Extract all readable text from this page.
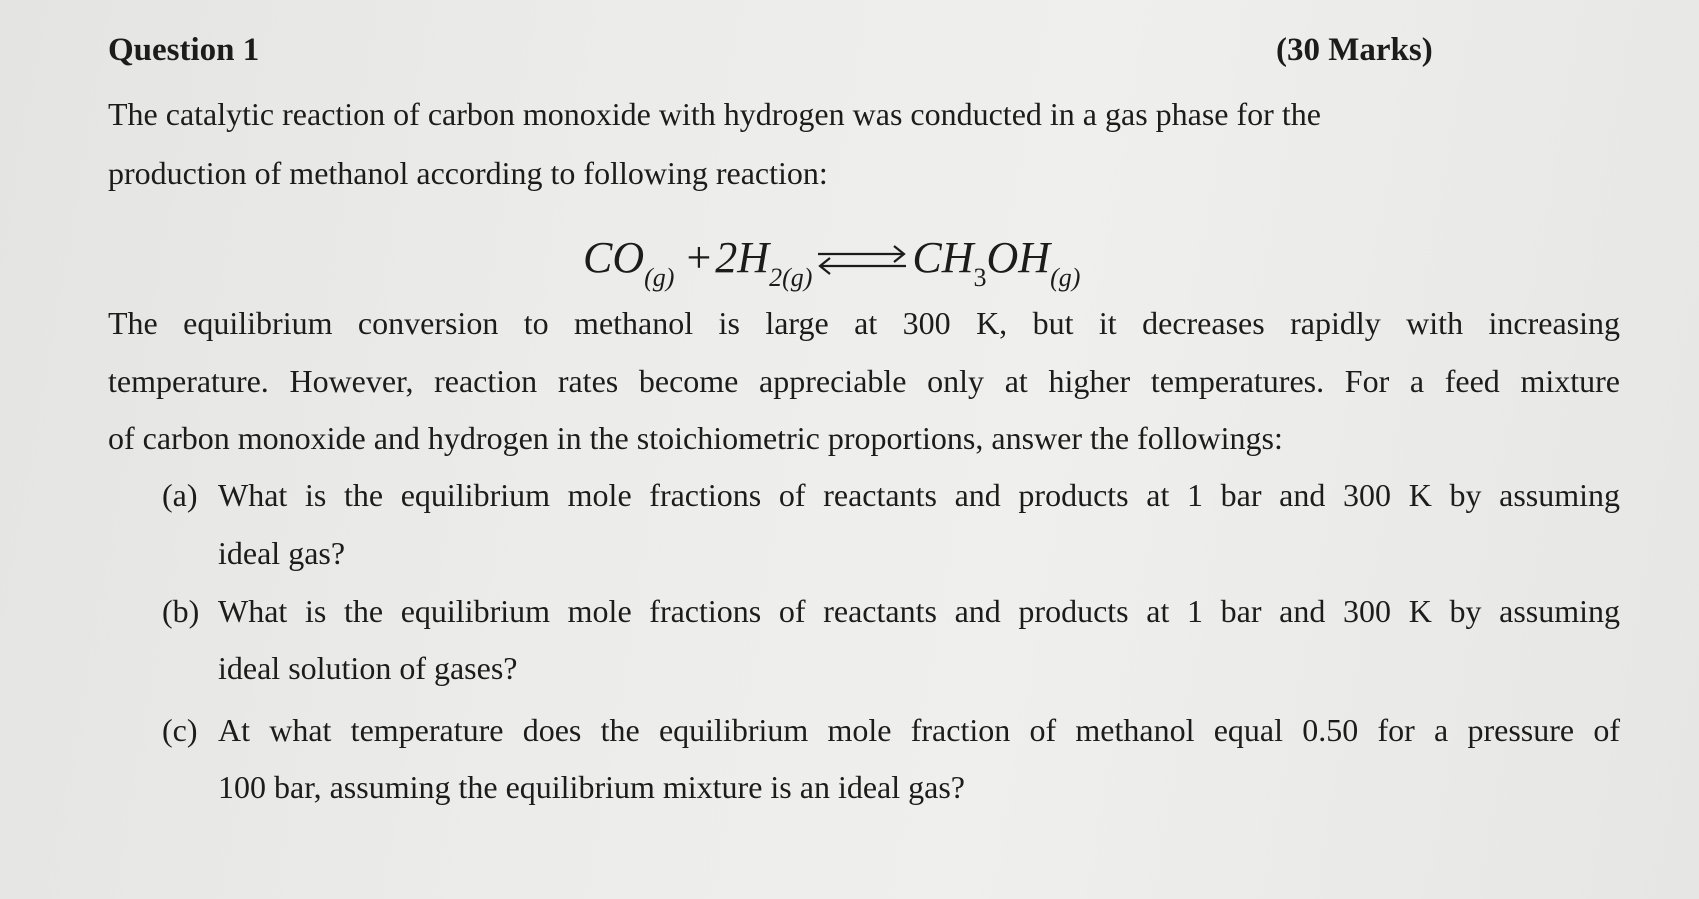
Question 1	(30 Marks)
The catalytic reaction of carbon monoxide with hydrogen was conducted in a gas phase for the
production of methanol according to following reaction:
CO (g) + 2H 2(g) ⇌ CH 3 OH (g)
The equilibrium conversion to methanol is large at 300 K, but it decreases rapidly with increasing
temperature. However, reaction rates become appreciable only at higher temperatures. For a feed mixture
of carbon monoxide and hydrogen in the stoichiometric proportions, answer the followings:
(a) What is the equilibrium mole fractions of reactants and products at 1 bar and 300 K by assuming
ideal gas?
(b) What is the equilibrium mole fractions of reactants and products at 1 bar and 300 K by assuming
ideal solution of gases?
(c) At what temperature does the equilibrium mole fraction of methanol equal 0.50 for a pressure of
100 bar, assuming the equilibrium mixture is an ideal gas?
